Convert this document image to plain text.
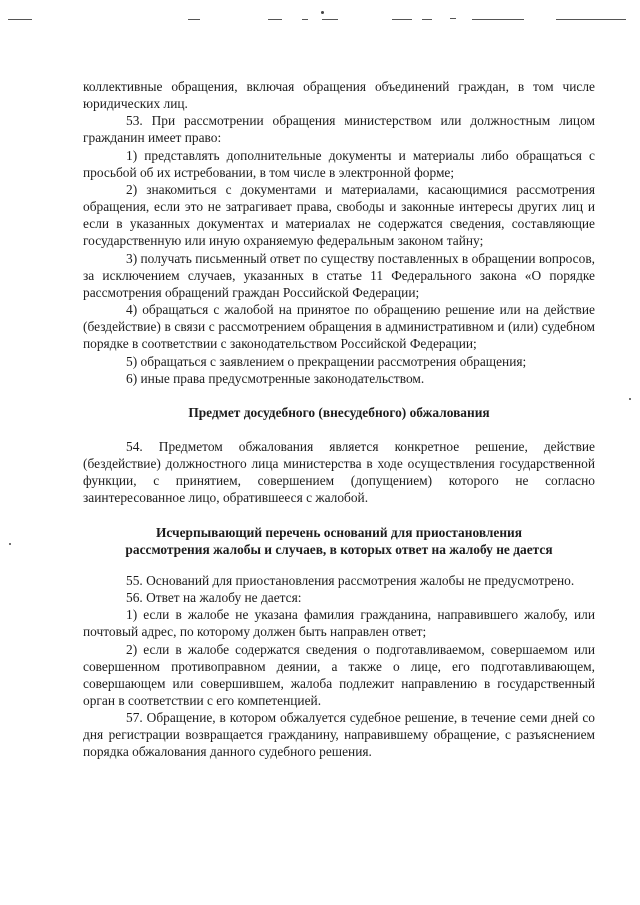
коллективные обращения, включая обращения объединений граждан, в том числе юридических лиц.

53. При рассмотрении обращения министерством или должностным лицом гражданин имеет право:

1) представлять дополнительные документы и материалы либо обращаться с просьбой об их истребовании, в том числе в электронной форме;

2) знакомиться с документами и материалами, касающимися рассмотрения обращения, если это не затрагивает права, свободы и законные интересы других лиц и если в указанных документах и материалах не содержатся сведения, составляющие государственную или иную охраняемую федеральным законом тайну;

3) получать письменный ответ по существу поставленных в обращении вопросов, за исключением случаев, указанных в статье 11 Федерального закона «О порядке рассмотрения обращений граждан Российской Федерации;

4) обращаться с жалобой на принятое по обращению решение или на действие (бездействие) в связи с рассмотрением обращения в административном и (или) судебном порядке в соответствии с законодательством Российской Федерации;

5) обращаться с заявлением о прекращении рассмотрения обращения;

6) иные права предусмотренные законодательством.

Предмет досудебного (внесудебного) обжалования

54. Предметом обжалования является конкретное решение, действие (бездействие) должностного лица министерства в ходе осуществления государственной функции, с принятием, совершением (допущением) которого не согласно заинтересованное лицо, обратившееся с жалобой.

Исчерпывающий перечень оснований для приостановления

рассмотрения жалобы и случаев, в которых ответ на жалобу не дается

55. Оснований для приостановления рассмотрения жалобы не предусмотрено.

56. Ответ на жалобу не дается:

1) если в жалобе не указана фамилия гражданина, направившего жалобу, или почтовый адрес, по которому должен быть направлен ответ;

2) если в жалобе содержатся сведения о подготавливаемом, совершаемом или совершенном противоправном деянии, а также о лице, его подготавливающем, совершающем или совершившем, жалоба подлежит направлению в государственный орган в соответствии с его компетенцией.

57. Обращение, в котором обжалуется судебное решение, в течение семи дней со дня регистрации возвращается гражданину, направившему обращение, с разъяснением порядка обжалования данного судебного решения.
